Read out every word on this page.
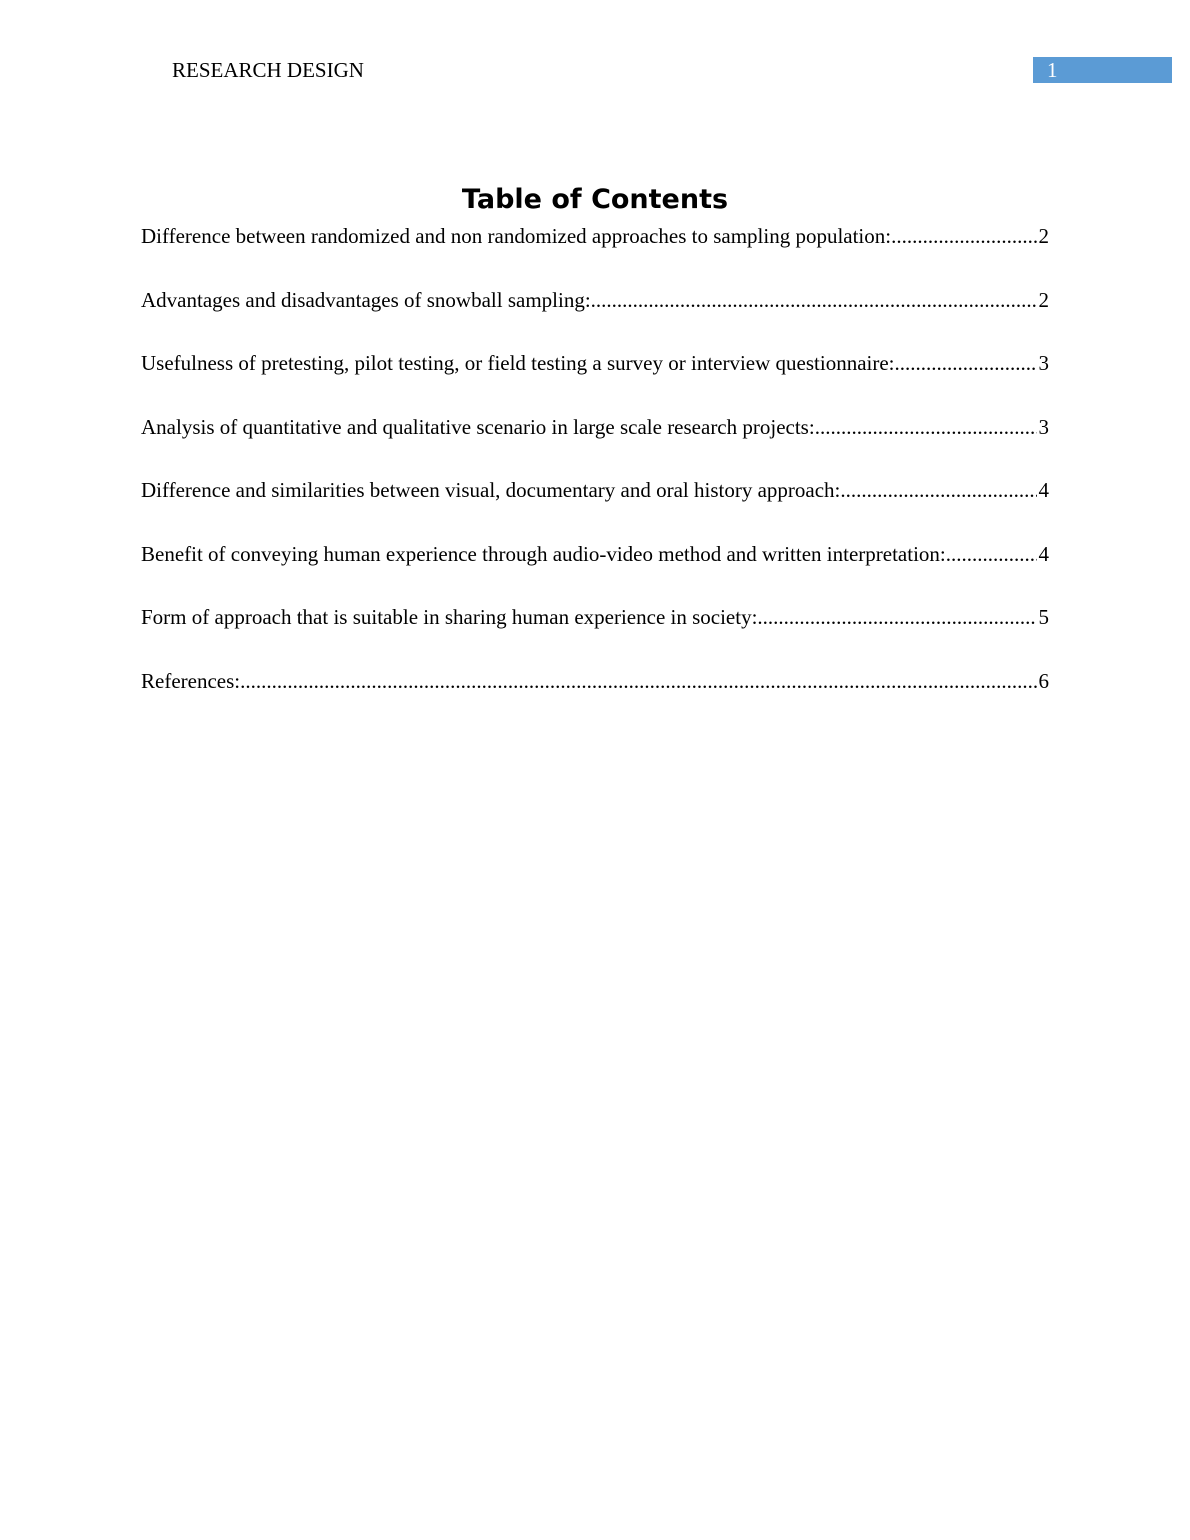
RESEARCH DESIGN	1
Table of Contents
Difference between randomized and non randomized approaches to sampling population: .....	2
Advantages and disadvantages of snowball sampling: .....	2
Usefulness of pretesting, pilot testing, or field testing a survey or interview questionnaire: .....	3
Analysis of quantitative and qualitative scenario in large scale research projects: .....	3
Difference and similarities between visual, documentary and oral history approach: .....	4
Benefit of conveying human experience through audio-video method and written interpretation: .....	4
Form of approach that is suitable in sharing human experience in society: .....	5
References: .....	6
